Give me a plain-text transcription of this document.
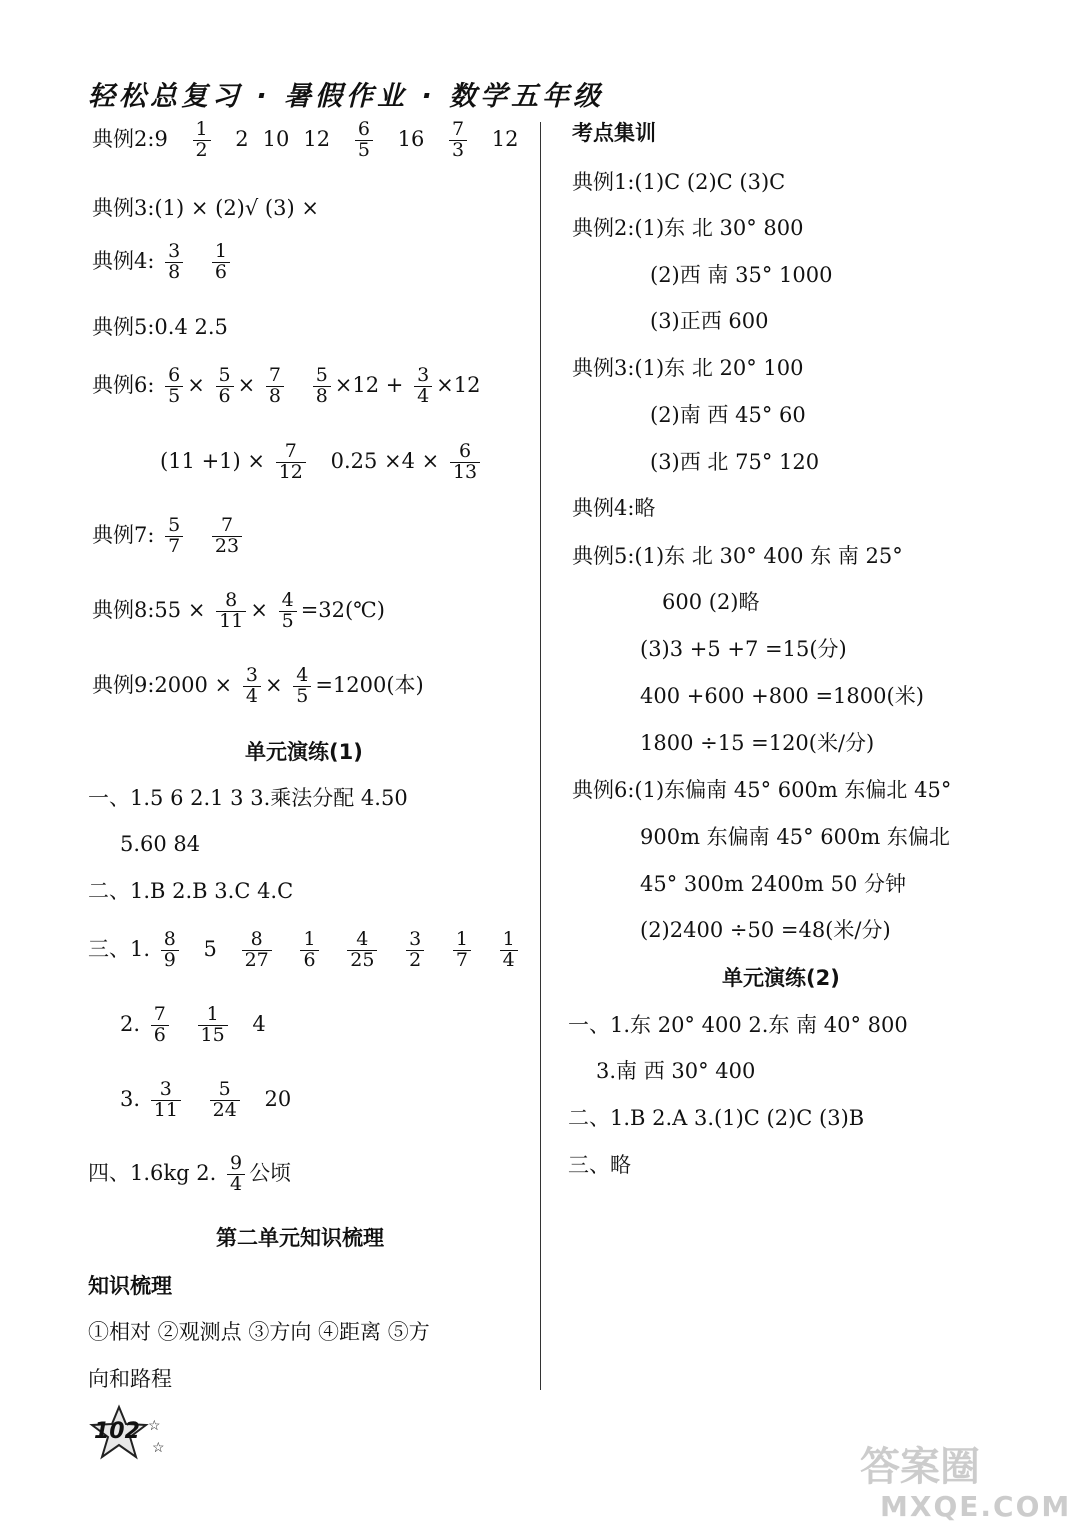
轻松总复习 · 暑假作业 · 数学五年级
典例2:9 $\frac{1}{2} 2$ 10 $12 \frac{6}{5} 16 \frac{7}{3} 12$
典例3:(1) × (2)√ (3) ×
典例4: $\frac{3}{8}$
$\frac{1}{6}$
典例5:0.4 2.5
典例6: $\frac{6}{5} \times \frac{5}{6} \times \frac{7}{8}$
$\frac{5}{8} \times 12 + \frac{3}{4} \times 12$
$(11 +1) \times \frac{7}{12} 0.25 \times 4 \times \frac{6}{13}$
典例7: $\frac{5}{7}$
$\frac{7}{23}$
典例8:55 × $\frac{8}{11} \times \frac{4}{5}$ =32(℃)
典例9:2000 × $\frac{3}{4} \times \frac{4}{5} =1200$(本)
单元演练(1)
一、1.5 6 2.1 3 3.乘法分配 4.50
5.60 84
二、1.B 2.B 3.C 4.C
三、1. $\frac{8}{9} 5 \frac{8}{27}$
$\frac{1}{6}$
$\frac{4}{25}$
$\frac{3}{2}$
$\frac{1}{7}$
$\frac{1}{4}$
2. $\frac{7}{6}$
$\frac{1}{15} 4$
3. $\frac{3}{11}$
$\frac{5}{24} 20$
四、1.6kg 2. $\frac{9}{4}$ 公顷
第二单元知识梳理
知识梳理
①相对 ②观测点 ③方向 ④距离 ⑤方
向和路程
考点集训
典例1:(1)C (2)C (3)C
典例2:(1)东 北 30° 800
(2)西 南 35° 1000
(3)正西 600
典例3:(1)东 北 20° 100
(2)南 西 45° 60
(3)西 北 75° 120
典例4:略
典例5:(1)东 北 30° 400 东 南 25°
600 (2)略
(3)3 +5 +7 =15(分)
400 +600 +800 =1800(米)
1800 ÷15 =120(米/分)
典例6:(1)东偏南 45° 600m 东偏北 45°
900m 东偏南 45° 600m 东偏北
45° 300m 2400m 50 分钟
(2)2400 ÷50 =48(米/分)
单元演练(2)
一、1.东 20° 400 2.东 南 40° 800
3.南 西 30° 400
二、1.B 2.A 3.(1)C (2)C (3)B
三、略
102 ☆
☆	答案圈
MXQE.COM
